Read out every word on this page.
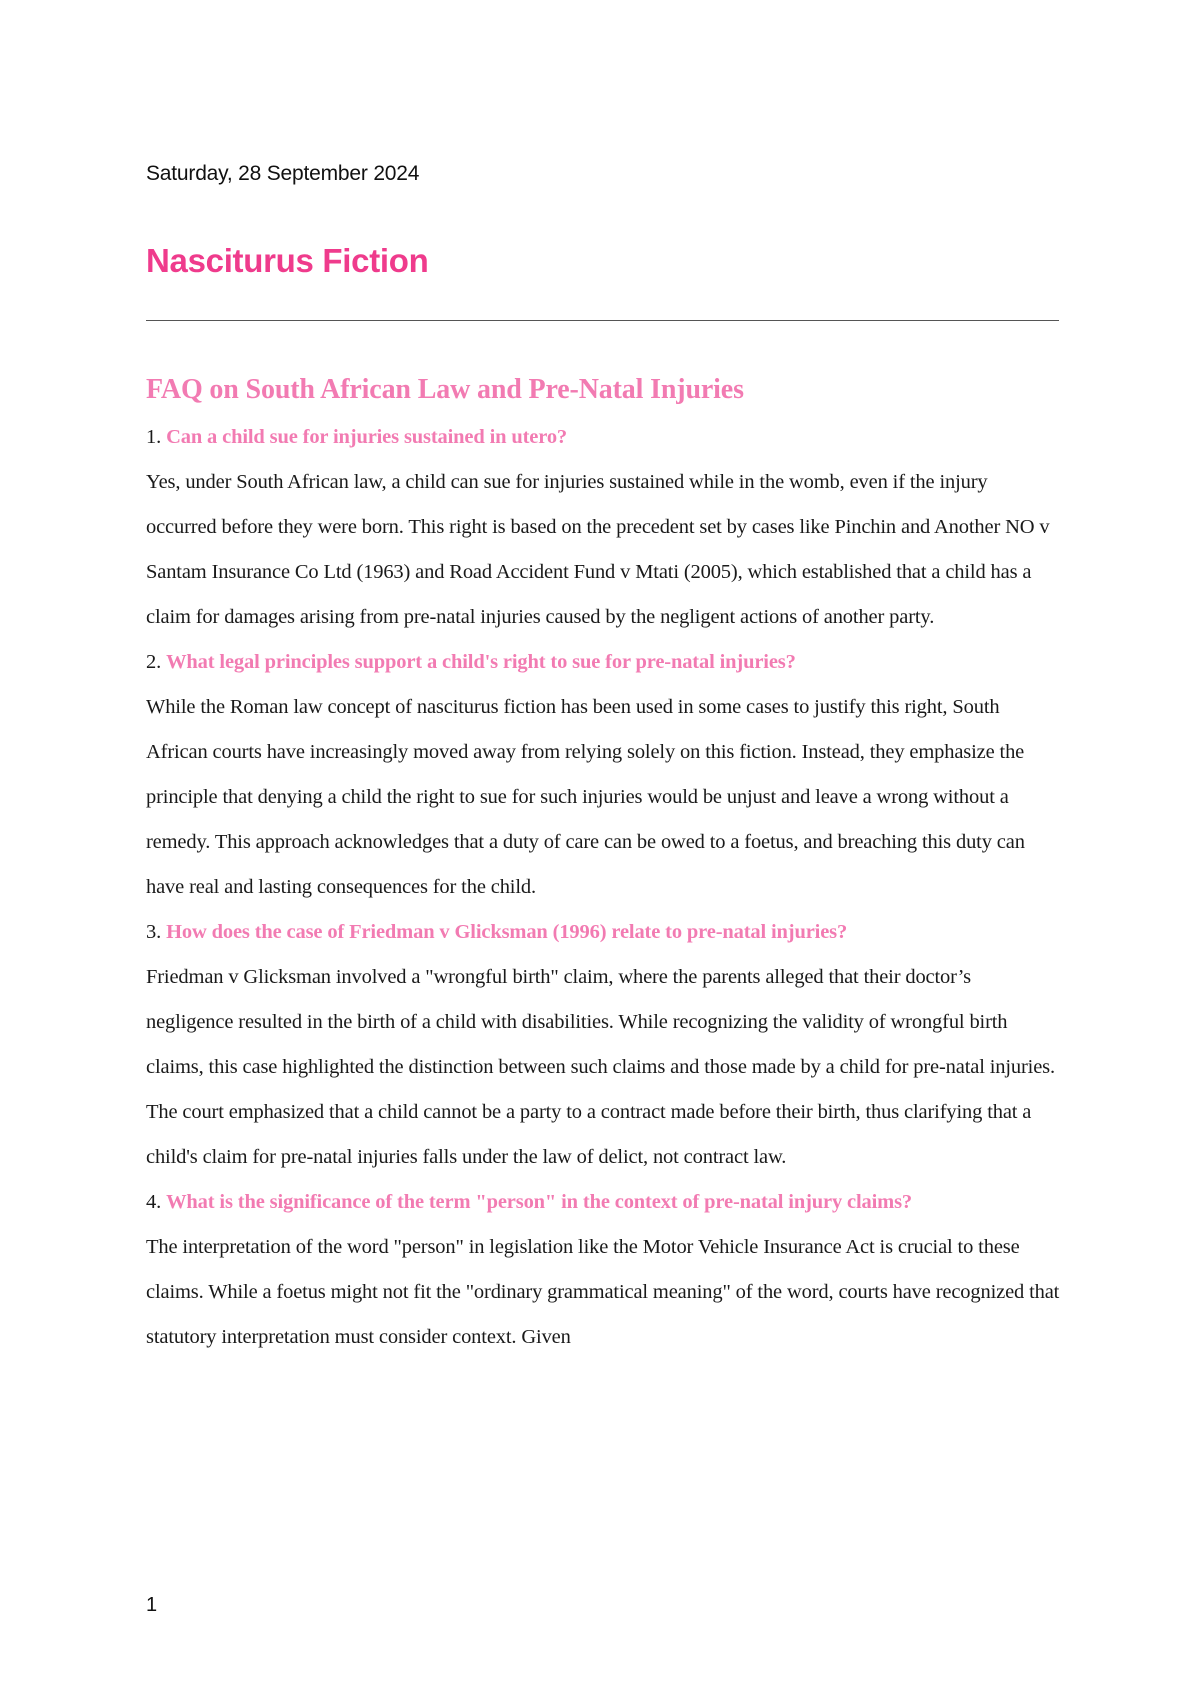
Saturday, 28 September 2024
Nasciturus Fiction
FAQ on South African Law and Pre-Natal Injuries

1. Can a child sue for injuries sustained in utero?

Yes, under South African law, a child can sue for injuries sustained while in the womb, even if the injury occurred before they were born. This right is based on the precedent set by cases like Pinchin and Another NO v Santam Insurance Co Ltd (1963) and Road Accident Fund v Mtati (2005), which established that a child has a claim for damages arising from pre-natal injuries caused by the negligent actions of another party.

2. What legal principles support a child's right to sue for pre-natal injuries?

While the Roman law concept of nasciturus fiction has been used in some cases to justify this right, South African courts have increasingly moved away from relying solely on this fiction. Instead, they emphasize the principle that denying a child the right to sue for such injuries would be unjust and leave a wrong without a remedy. This approach acknowledges that a duty of care can be owed to a foetus, and breaching this duty can have real and lasting consequences for the child.

3. How does the case of Friedman v Glicksman (1996) relate to pre-natal injuries?

Friedman v Glicksman involved a "wrongful birth" claim, where the parents alleged that their doctor’s negligence resulted in the birth of a child with disabilities. While recognizing the validity of wrongful birth claims, this case highlighted the distinction between such claims and those made by a child for pre-natal injuries. The court emphasized that a child cannot be a party to a contract made before their birth, thus clarifying that a child's claim for pre-natal injuries falls under the law of delict, not contract law.

4. What is the significance of the term "person" in the context of pre-natal injury claims?

The interpretation of the word "person" in legislation like the Motor Vehicle Insurance Act is crucial to these claims. While a foetus might not fit the "ordinary grammatical meaning" of the word, courts have recognized that statutory interpretation must consider context. Given

1
